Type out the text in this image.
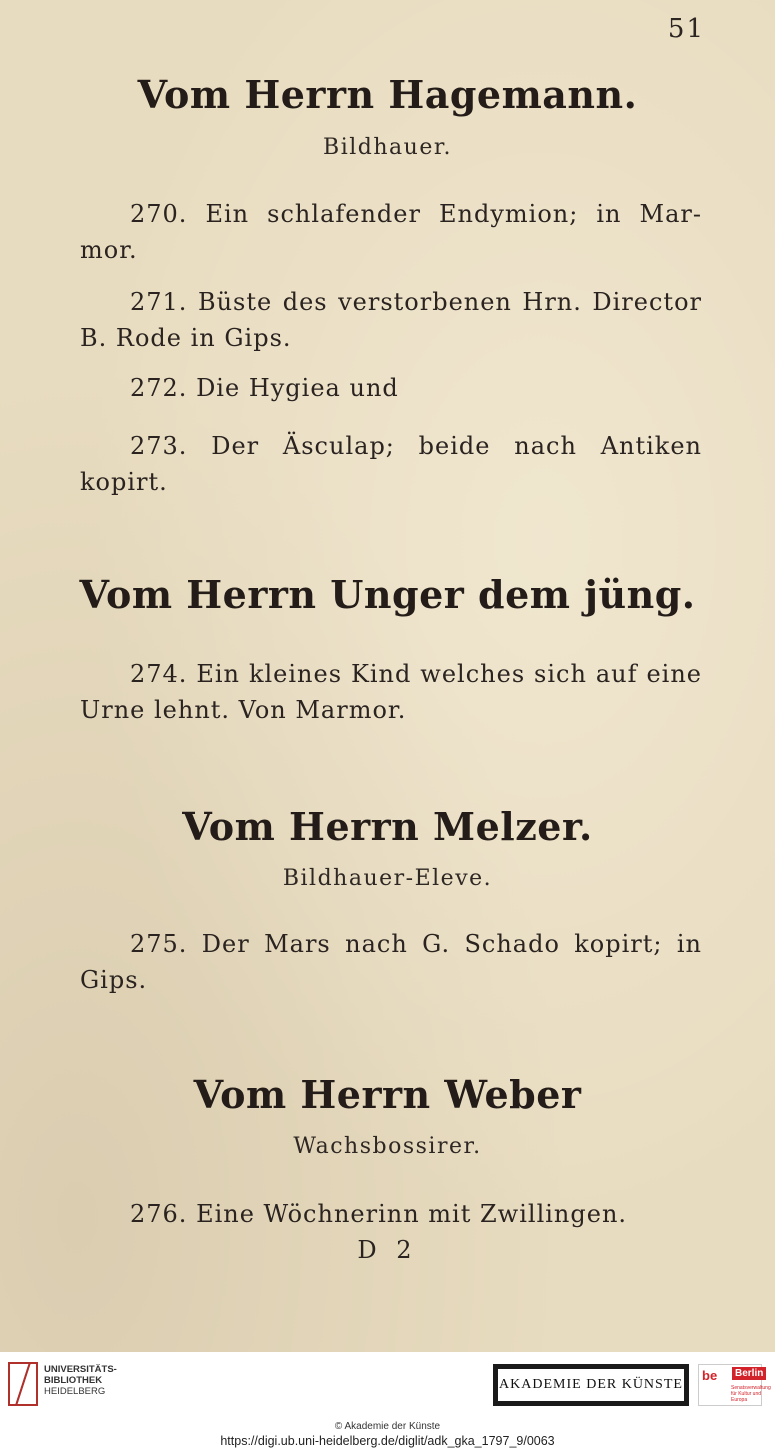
51
Vom Herrn Hagemann.
Bildhauer.
270. Ein schlafender Endymion; in Mar- mor.
271. Büste des verstorbenen Hrn. Director B. Rode in Gips.
272. Die Hygiea und
273. Der Äsculap; beide nach Antiken kopirt.
Vom Herrn Unger dem jüng.
274. Ein kleines Kind welches sich auf eine Urne lehnt. Von Marmor.
Vom Herrn Melzer.
Bildhauer-Eleve.
275. Der Mars nach G. Schado kopirt; in Gips.
Vom Herrn Weber
Wachsbossirer.
276. Eine Wöchnerinn mit Zwillingen.
D 2
UNIVERSITÄTS-
BIBLIOTHEK
HEIDELBERG	AKADEMIE DER KÜNSTE
be	Berlin
Senatsverwaltung
für Kultur und Europa
© Akademie der Künste
https://digi.ub.uni-heidelberg.de/diglit/adk_gka_1797_9/0063
